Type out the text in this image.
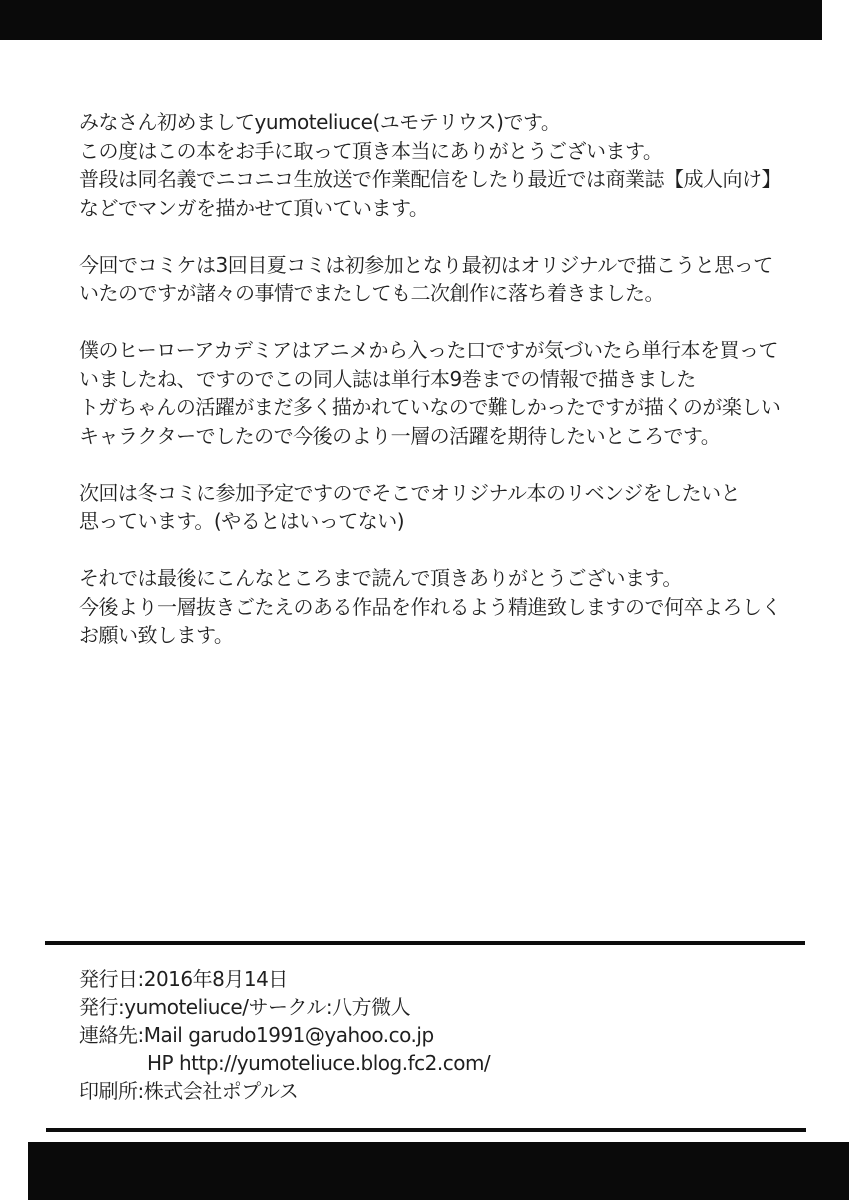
みなさん初めましてyumoteliuce(ユモテリウス)です。
この度はこの本をお手に取って頂き本当にありがとうございます。
普段は同名義でニコニコ生放送で作業配信をしたり最近では商業誌【成人向け】
などでマンガを描かせて頂いています。
今回でコミケは3回目夏コミは初参加となり最初はオリジナルで描こうと思って
いたのですが諸々の事情でまたしても二次創作に落ち着きました。
僕のヒーローアカデミアはアニメから入った口ですが気づいたら単行本を買って
いましたね、ですのでこの同人誌は単行本9巻までの情報で描きました
トガちゃんの活躍がまだ多く描かれていなので難しかったですが描くのが楽しい
キャラクターでしたので今後のより一層の活躍を期待したいところです。
次回は冬コミに参加予定ですのでそこでオリジナル本のリベンジをしたいと
思っています。(やるとはいってない)
それでは最後にこんなところまで読んで頂きありがとうございます。
今後より一層抜きごたえのある作品を作れるよう精進致しますので何卒よろしく
お願い致します。
発行日:2016年8月14日
発行:yumoteliuce/サークル:八方微人
連絡先:Mail garudo1991@yahoo.co.jp
HP http://yumoteliuce.blog.fc2.com/
印刷所:株式会社ポプルス
